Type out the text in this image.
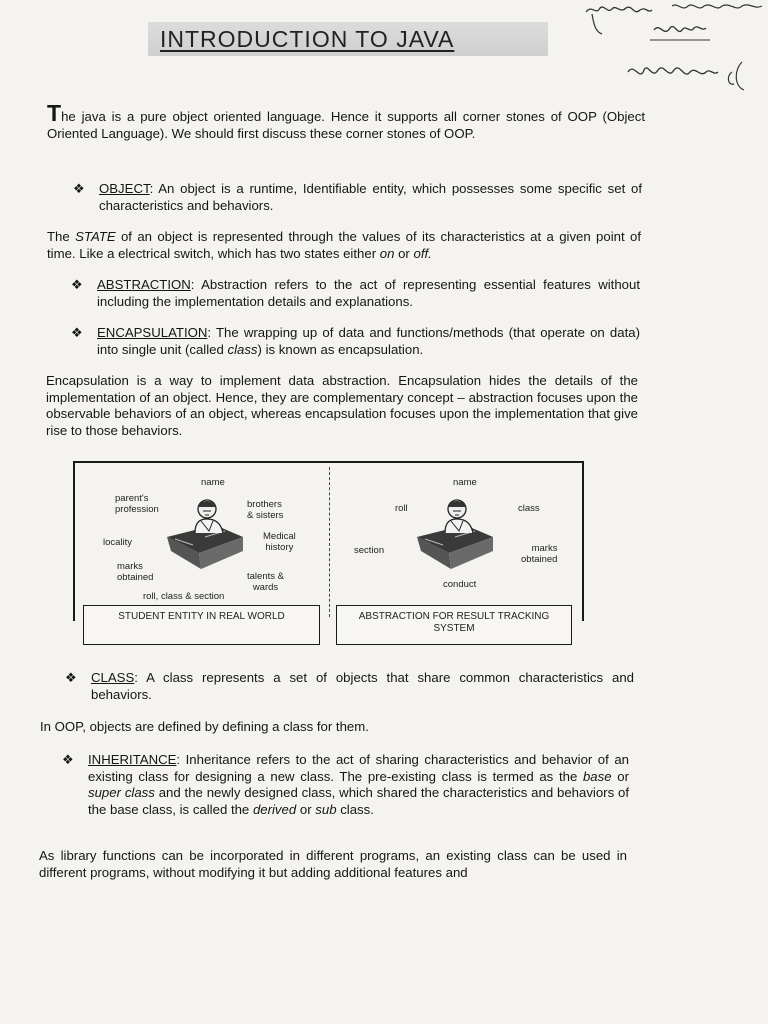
INTRODUCTION TO JAVA
The java is a pure object oriented language. Hence it supports all corner stones of OOP (Object Oriented Language). We should first discuss these corner stones of OOP.
❖ OBJECT: An object is a runtime, Identifiable entity, which possesses some specific set of characteristics and behaviors.
The STATE of an object is represented through the values of its characteristics at a given point of time. Like a electrical switch, which has two states either on or off.
❖ ABSTRACTION: Abstraction refers to the act of representing essential features without including the implementation details and explanations.
❖ ENCAPSULATION: The wrapping up of data and functions/methods (that operate on data) into single unit (called class) is known as encapsulation.
Encapsulation is a way to implement data abstraction. Encapsulation hides the details of the implementation of an object. Hence, they are complementary concept – abstraction focuses upon the observable behaviors of an object, whereas encapsulation focuses upon the implementation that give rise to those behaviors.
name
parent's
profession	brothers
& sisters
locality
Medical
history
marks
obtained	talents &
wards
roll, class & section
name
roll	class
section	marks
obtained
conduct
STUDENT ENTITY IN REAL WORLD	ABSTRACTION FOR RESULT TRACKING SYSTEM
❖ CLASS: A class represents a set of objects that share common characteristics and behaviors.
In OOP, objects are defined by defining a class for them.
❖ INHERITANCE: Inheritance refers to the act of sharing characteristics and behavior of an existing class for designing a new class. The pre-existing class is termed as the base or super class and the newly designed class, which shared the characteristics and behaviors of the base class, is called the derived or sub class.
As library functions can be incorporated in different programs, an existing class can be used in different programs, without modifying it but adding additional features and
